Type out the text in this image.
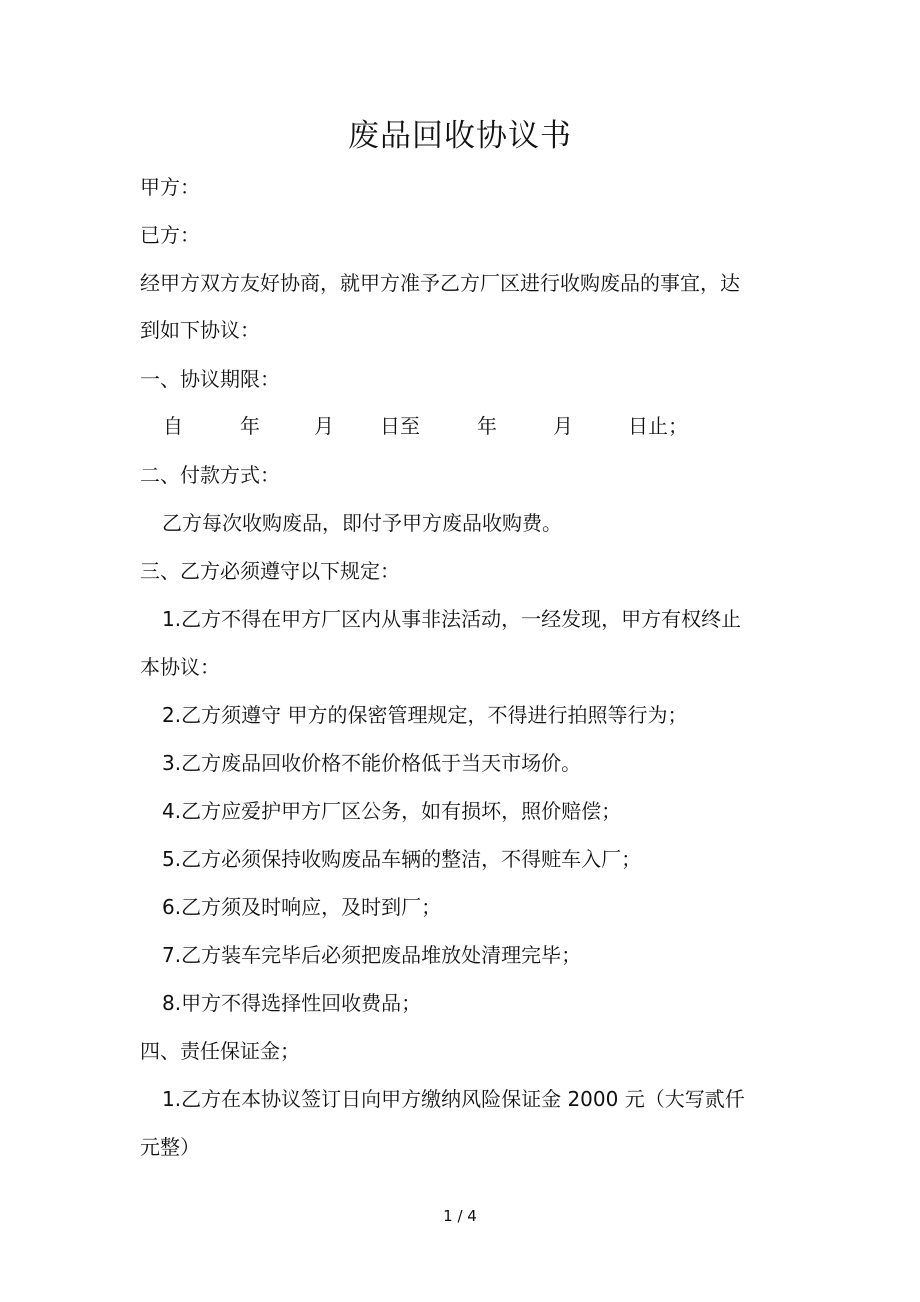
废品回收协议书
甲方：
已方：
经甲方双方友好协商，就甲方准予乙方厂区进行收购废品的事宜，达
到如下协议：
一、协议期限：
自	年	月 日至	年	月	日止；
二、付款方式：
乙方每次收购废品，即付予甲方废品收购费。
三、乙方必须遵守以下规定：
1.乙方不得在甲方厂区内从事非法活动，一经发现，甲方有权终止
本协议：
2.乙方须遵守 甲方的保密管理规定，不得进行拍照等行为；
3.乙方废品回收价格不能价格低于当天市场价。
4.乙方应爱护甲方厂区公务，如有损坏，照价赔偿；
5.乙方必须保持收购废品车辆的整洁，不得赃车入厂；
6.乙方须及时响应，及时到厂；
7.乙方装车完毕后必须把废品堆放处清理完毕；
8.甲方不得选择性回收费品；
四、责任保证金；
1.乙方在本协议签订日向甲方缴纳风险保证金 2000 元（大写贰仟
元整）
1 / 4
